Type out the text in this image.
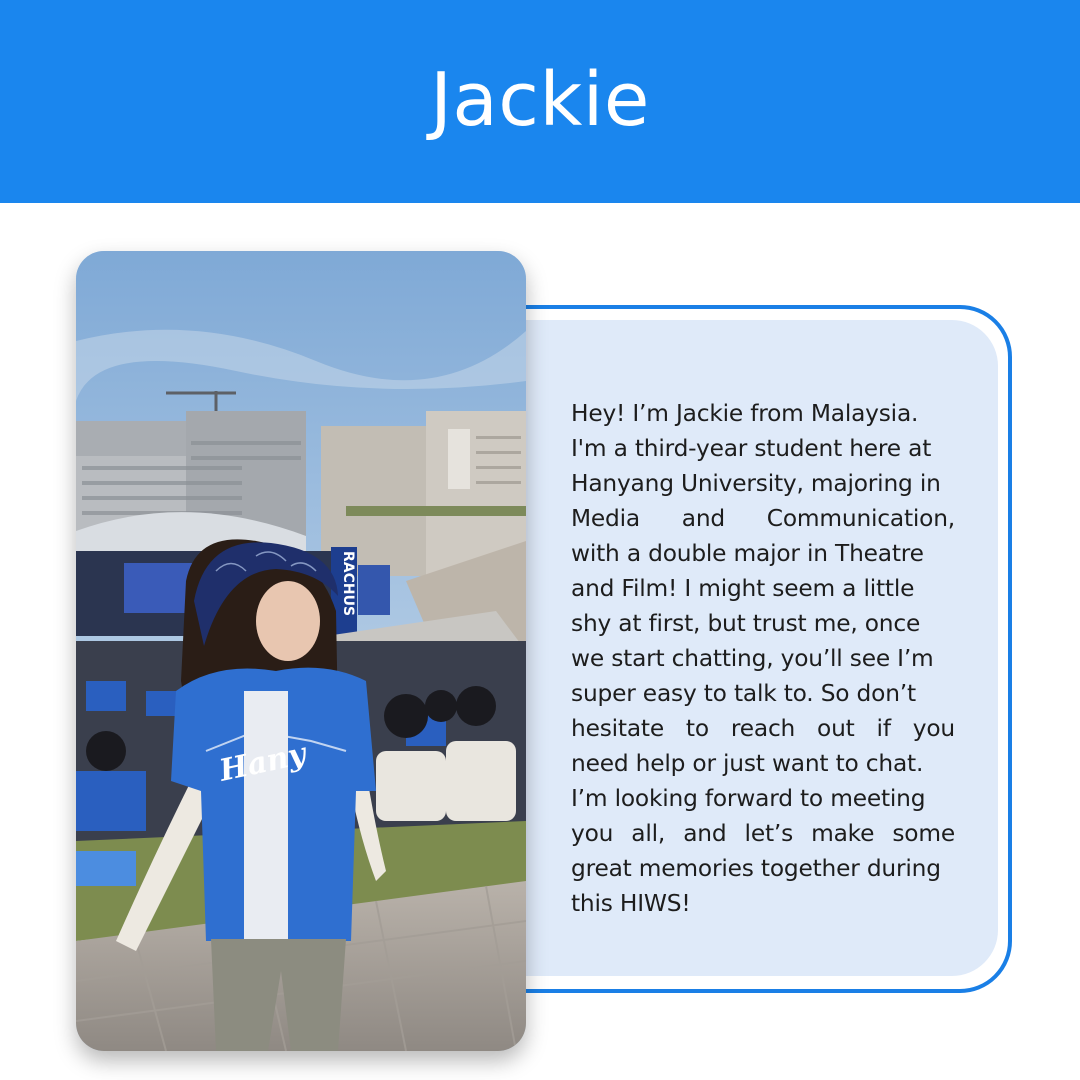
Jackie
Hey! I’m Jackie from Malaysia.
I'm a third-year student here at
Hanyang University, majoring in
Media and Communication,
with a double major in Theatre
and Film! I might seem a little
shy at first, but trust me, once
we start chatting, you’ll see I’m
super easy to talk to. So don’t
hesitate to reach out if you
need help or just want to chat.
I’m looking forward to meeting
you all, and let’s make some
great memories together during
this HIWS!
RACHUS
Hany
